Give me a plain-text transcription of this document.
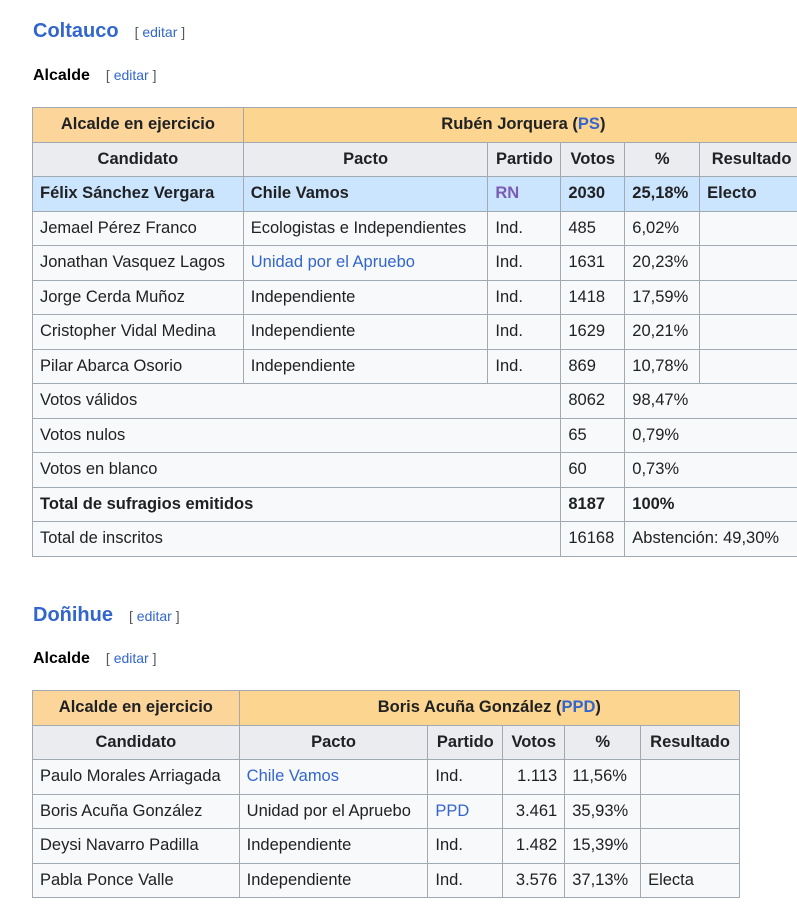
Coltauco [ editar ]
Alcalde [ editar ]
Alcalde en ejercicio	Rubén Jorquera (PS)				
Candidato	Pacto	Partido	Votos	%	Resultado
Félix Sánchez Vergara	Chile Vamos	RN	2030	25,18%	Electo
Jemael Pérez Franco	Ecologistas e Independientes	Ind.	485	6,02%	
Jonathan Vasquez Lagos	Unidad por el Apruebo	Ind.	1631	20,23%	
Jorge Cerda Muñoz	Independiente	Ind.	1418	17,59%	
Cristopher Vidal Medina	Independiente	Ind.	1629	20,21%	
Pilar Abarca Osorio	Independiente	Ind.	869	10,78%	
Votos válidos			8062	98,47%	
Votos nulos			65	0,79%	
Votos en blanco			60	0,73%	
Total de sufragios emitidos			8187	100%	
Total de inscritos			16168	Abstención: 49,30%	
Doñihue [ editar ]
Alcalde [ editar ]
Alcalde en ejercicio	Boris Acuña González (PPD)				
Candidato	Pacto	Partido	Votos	%	Resultado
Paulo Morales Arriagada	Chile Vamos	Ind.	1.113	11,56%	
Boris Acuña González	Unidad por el Apruebo	PPD	3.461	35,93%	
Deysi Navarro Padilla	Independiente	Ind.	1.482	15,39%	
Pabla Ponce Valle	Independiente	Ind.	3.576	37,13%	Electa
